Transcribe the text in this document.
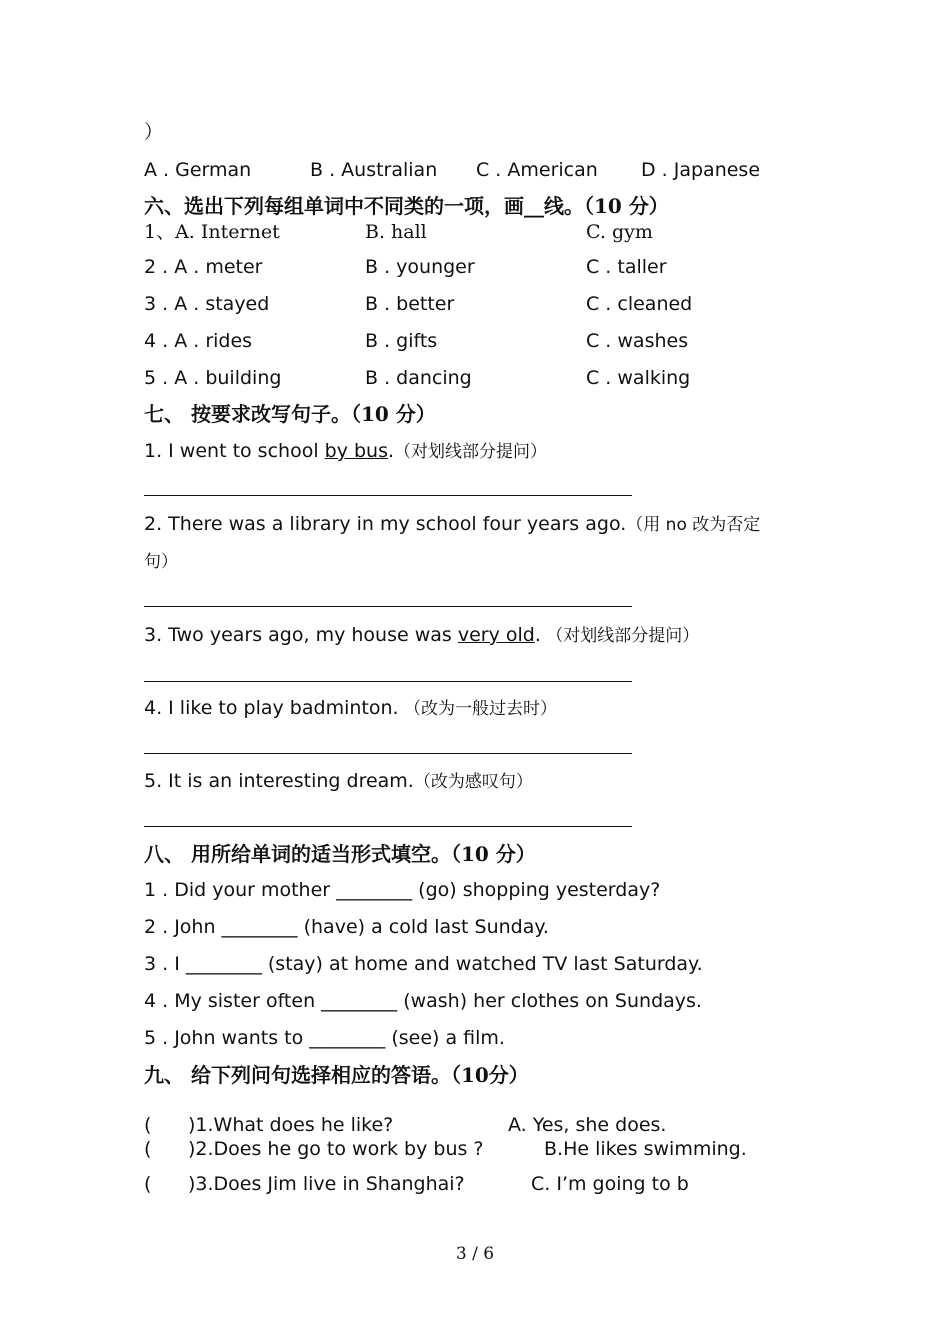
）
A . German	B . Australian C . American D . Japanese
六、选出下列每组单词中不同类的一项，画__线。（10 分）
1、A. Internet	B. hall	C. gym
2 . A . meter	B . younger	C . taller
3 . A . stayed	B . better	C . cleaned
4 . A . rides	B . gifts	C . washes
5 . A . building	B . dancing	C . walking
七、 按要求改写句子。（10 分）
1. I went to school by bus.（对划线部分提问）
2. There was a library in my school four years ago.（用 no 改为否定
句）
3. Two years ago, my house was very old. （对划线部分提问）
4. I like to play badminton. （改为一般过去时）
5. It is an interesting dream.（改为感叹句）
八、 用所给单词的适当形式填空。（10 分）
1 . Did your mother ________ (go) shopping yesterday?
2 . John ________ (have) a cold last Sunday.
3 . I ________ (stay) at home and watched TV last Saturday.
4 . My sister often ________ (wash) her clothes on Sundays.
5 . John wants to ________ (see) a film.
九、 给下列问句选择相应的答语。（10分）
( )1.What does he like?	A. Yes, she does.
( )2.Does he go to work by bus ?	B.He likes swimming.
( )3.Does Jim live in Shanghai?	C. I’m going to b
3 / 6
